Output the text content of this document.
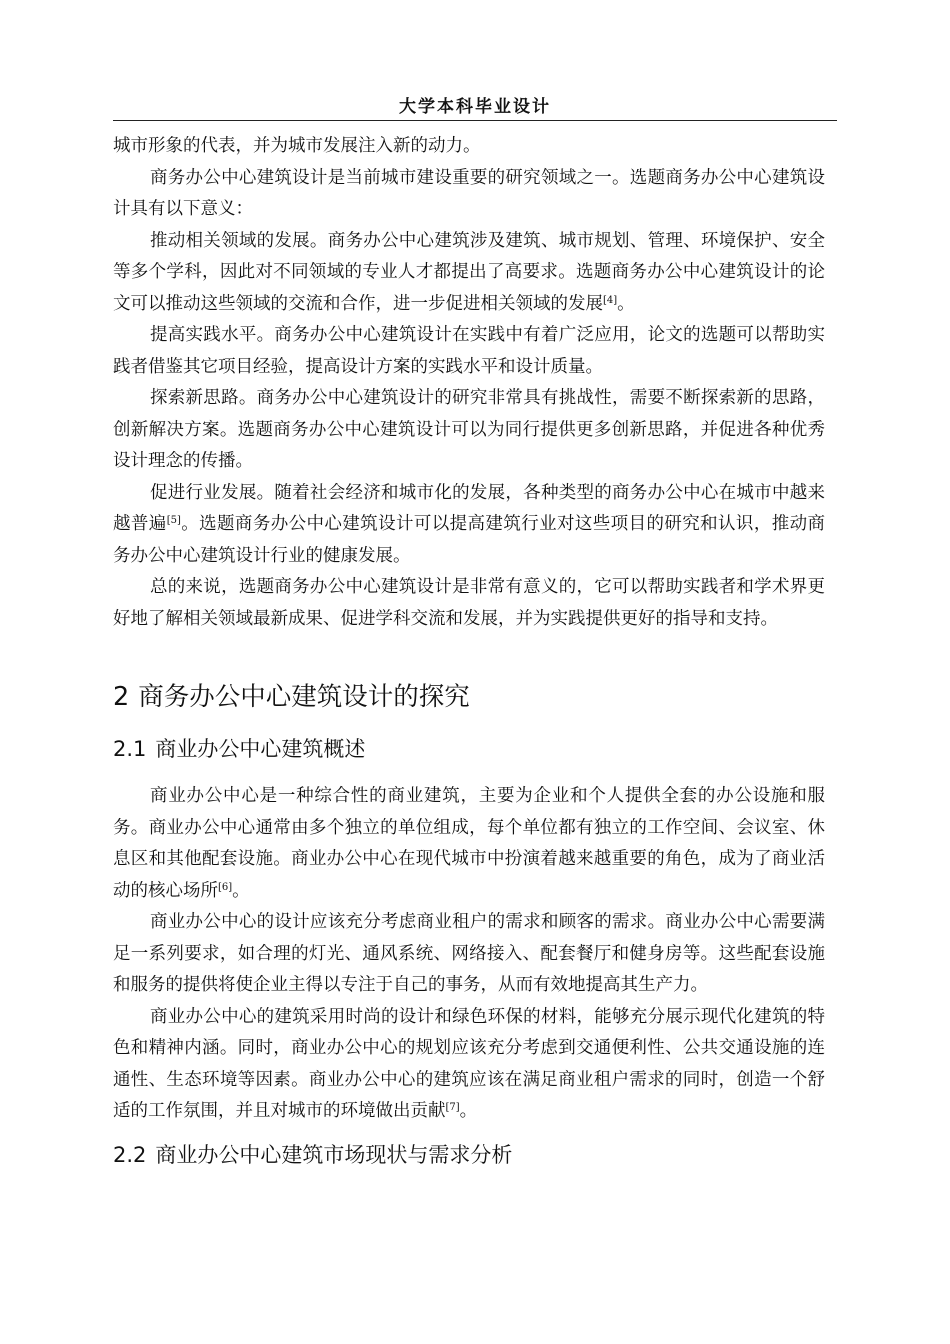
大学本科毕业设计

城市形象的代表，并为城市发展注入新的动力。

商务办公中心建筑设计是当前城市建设重要的研究领域之一。选题商务办公中心建筑设计具有以下意义：

推动相关领域的发展。商务办公中心建筑涉及建筑、城市规划、管理、环境保护、安全等多个学科，因此对不同领域的专业人才都提出了高要求。选题商务办公中心建筑设计的论文可以推动这些领域的交流和合作，进一步促进相关领域的发展[4]。

提高实践水平。商务办公中心建筑设计在实践中有着广泛应用，论文的选题可以帮助实践者借鉴其它项目经验，提高设计方案的实践水平和设计质量。

探索新思路。商务办公中心建筑设计的研究非常具有挑战性，需要不断探索新的思路，创新解决方案。选题商务办公中心建筑设计可以为同行提供更多创新思路，并促进各种优秀设计理念的传播。

促进行业发展。随着社会经济和城市化的发展，各种类型的商务办公中心在城市中越来越普遍[5]。选题商务办公中心建筑设计可以提高建筑行业对这些项目的研究和认识，推动商务办公中心建筑设计行业的健康发展。

总的来说，选题商务办公中心建筑设计是非常有意义的，它可以帮助实践者和学术界更好地了解相关领域最新成果、促进学科交流和发展，并为实践提供更好的指导和支持。

2 商务办公中心建筑设计的探究
2.1 商业办公中心建筑概述

商业办公中心是一种综合性的商业建筑，主要为企业和个人提供全套的办公设施和服务。商业办公中心通常由多个独立的单位组成，每个单位都有独立的工作空间、会议室、休息区和其他配套设施。商业办公中心在现代城市中扮演着越来越重要的角色，成为了商业活动的核心场所[6]。

商业办公中心的设计应该充分考虑商业租户的需求和顾客的需求。商业办公中心需要满足一系列要求，如合理的灯光、通风系统、网络接入、配套餐厅和健身房等。这些配套设施和服务的提供将使企业主得以专注于自己的事务，从而有效地提高其生产力。

商业办公中心的建筑采用时尚的设计和绿色环保的材料，能够充分展示现代化建筑的特色和精神内涵。同时，商业办公中心的规划应该充分考虑到交通便利性、公共交通设施的连通性、生态环境等因素。商业办公中心的建筑应该在满足商业租户需求的同时，创造一个舒适的工作氛围，并且对城市的环境做出贡献[7]。

2.2 商业办公中心建筑市场现状与需求分析
